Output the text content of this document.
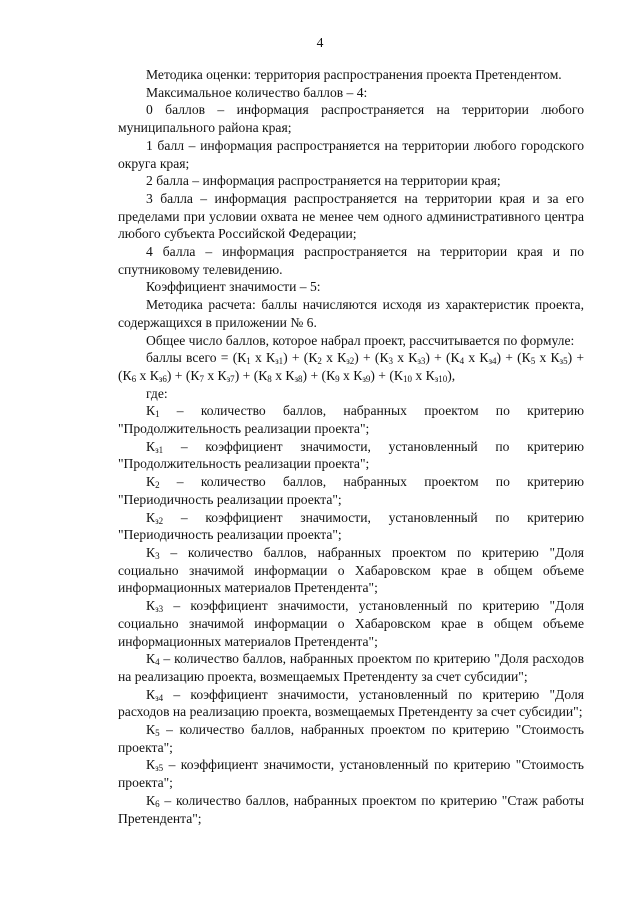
4

Методика оценки: территория распространения проекта Претендентом.

Максимальное количество баллов – 4:

0 баллов – информация распространяется на территории любого муниципального района края;

1 балл – информация распространяется на территории любого городского округа края;

2 балла – информация распространяется на территории края;

3 балла – информация распространяется на территории края и за его пределами при условии охвата не менее чем одного административного центра любого субъекта Российской Федерации;

4 балла – информация распространяется на территории края и по спутниковому телевидению.

Коэффициент значимости – 5:

Методика расчета: баллы начисляются исходя из характеристик проекта, содержащихся в приложении № 6.

Общее число баллов, которое набрал проект, рассчитывается по формуле:

баллы всего = ($К_1$ х $К_{з1}) + (К_2$ х $К_{з2}) + (К_3$ х $К_{з3}) + (К_4$ х $К_{з4}) + (К_5$ х $К_{з5}) + (К_6$ х $К_{з6}) + (К_7$ х $К_{з7}) + (К_8$ х $К_{з8}) + (К_9$ х $К_{з9}) + (К_{10}$ х $К_{з10}$),

где:

$К_1$ – количество баллов, набранных проектом по критерию "Продолжительность реализации проекта";

$К_{з1}$ – коэффициент значимости, установленный по критерию "Продолжительность реализации проекта";

$К_2$ – количество баллов, набранных проектом по критерию "Периодичность реализации проекта";

$К_{з2}$ – коэффициент значимости, установленный по критерию "Периодичность реализации проекта";

$К_3$ – количество баллов, набранных проектом по критерию "Доля социально значимой информации о Хабаровском крае в общем объеме информационных материалов Претендента";

$К_{з3}$ – коэффициент значимости, установленный по критерию "Доля социально значимой информации о Хабаровском крае в общем объеме информационных материалов Претендента";

$К_4$ – количество баллов, набранных проектом по критерию "Доля расходов на реализацию проекта, возмещаемых Претенденту за счет субсидии";

$К_{з4}$ – коэффициент значимости, установленный по критерию "Доля расходов на реализацию проекта, возмещаемых Претенденту за счет субсидии";

$К_5$ – количество баллов, набранных проектом по критерию "Стоимость проекта";

$К_{з5}$ – коэффициент значимости, установленный по критерию "Стоимость проекта";

$К_6$ – количество баллов, набранных проектом по критерию "Стаж работы Претендента";
